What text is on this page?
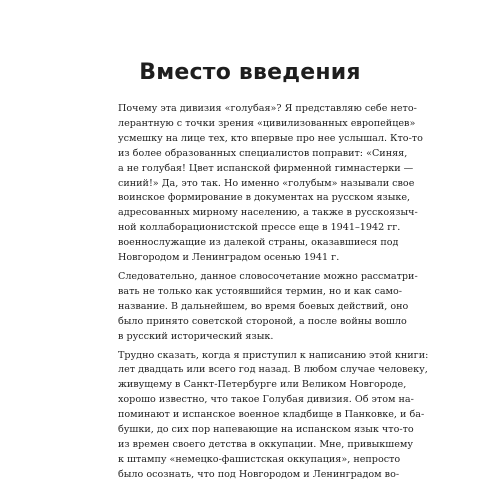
Вместо введения

Почему эта дивизия «голубая»? Я представляю себе нето-
лерантную с точки зрения «цивилизованных европейцев»
усмешку на лице тех, кто впервые про нее услышал. Кто-то
из более образованных специалистов поправит: «Синяя,
а не голубая! Цвет испанской фирменной гимнастерки —
синий!» Да, это так. Но именно «голубым» называли свое
воинское формирование в документах на русском языке,
адресованных мирному населению, а также в русскоязыч-
ной коллаборационистской прессе еще в 1941–1942 гг.
военнослужащие из далекой страны, оказавшиеся под
Новгородом и Ленинградом осенью 1941 г.

Следовательно, данное словосочетание можно рассматри-
вать не только как устоявшийся термин, но и как само-
название. В дальнейшем, во время боевых действий, оно
было принято советской стороной, а после войны вошло
в русский исторический язык.

Трудно сказать, когда я приступил к написанию этой книги:
лет двадцать или всего год назад. В любом случае человеку,
живущему в Санкт-Петербурге или Великом Новгороде,
хорошо известно, что такое Голубая дивизия. Об этом на-
поминают и испанское военное кладбище в Панковке, и ба-
бушки, до сих пор напевающие на испанском язык что-то
из времен своего детства в оккупации. Мне, привыкшему
к штампу «немецко-фашистская оккупация», непросто
было осознать, что под Новгородом и Ленинградом во-
